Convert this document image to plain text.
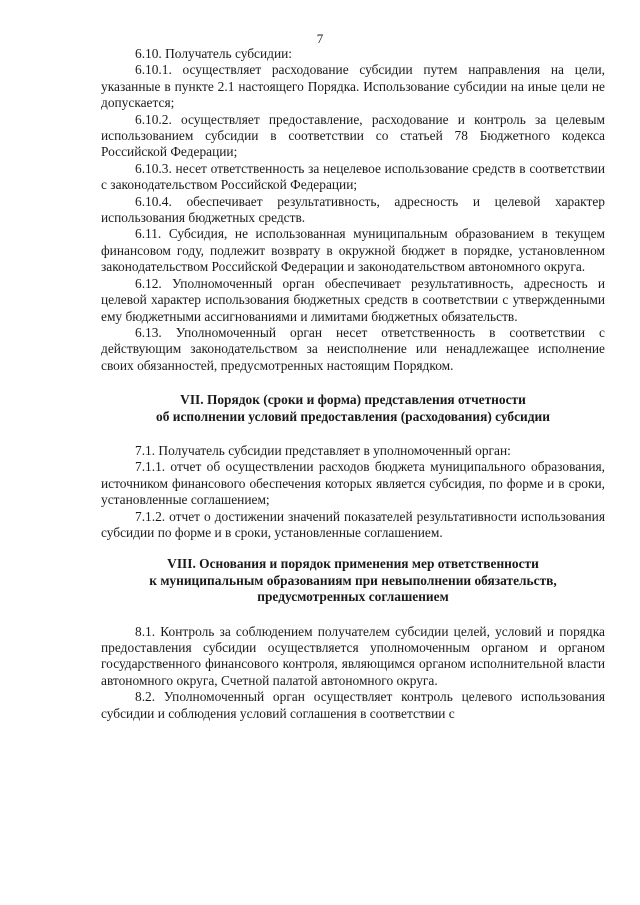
7

6.10. Получатель субсидии:

6.10.1. осуществляет расходование субсидии путем направления на цели, указанные в пункте 2.1 настоящего Порядка. Использование субсидии на иные цели не допускается;

6.10.2. осуществляет предоставление, расходование и контроль за целевым использованием субсидии в соответствии со статьей 78 Бюджетного кодекса Российской Федерации;

6.10.3. несет ответственность за нецелевое использование средств в соответствии с законодательством Российской Федерации;

6.10.4. обеспечивает результативность, адресность и целевой характер использования бюджетных средств.

6.11. Субсидия, не использованная муниципальным образованием в текущем финансовом году, подлежит возврату в окружной бюджет в порядке, установленном законодательством Российской Федерации и законодательством автономного округа.

6.12. Уполномоченный орган обеспечивает результативность, адресность и целевой характер использования бюджетных средств в соответствии с утвержденными ему бюджетными ассигнованиями и лимитами бюджетных обязательств.

6.13. Уполномоченный орган несет ответственность в соответствии с действующим законодательством за неисполнение или ненадлежащее исполнение своих обязанностей, предусмотренных настоящим Порядком.

VII. Порядок (сроки и форма) представления отчетности
об исполнении условий предоставления (расходования) субсидии

7.1. Получатель субсидии представляет в уполномоченный орган:

7.1.1. отчет об осуществлении расходов бюджета муниципального образования, источником финансового обеспечения которых является субсидия, по форме и в сроки, установленные соглашением;

7.1.2. отчет о достижении значений показателей результативности использования субсидии по форме и в сроки, установленные соглашением.

VIII. Основания и порядок применения мер ответственности
к муниципальным образованиям при невыполнении обязательств,
предусмотренных соглашением

8.1. Контроль за соблюдением получателем субсидии целей, условий и порядка предоставления субсидии осуществляется уполномоченным органом и органом государственного финансового контроля, являющимся органом исполнительной власти автономного округа, Счетной палатой автономного округа.

8.2. Уполномоченный орган осуществляет контроль целевого использования субсидии и соблюдения условий соглашения в соответствии с
